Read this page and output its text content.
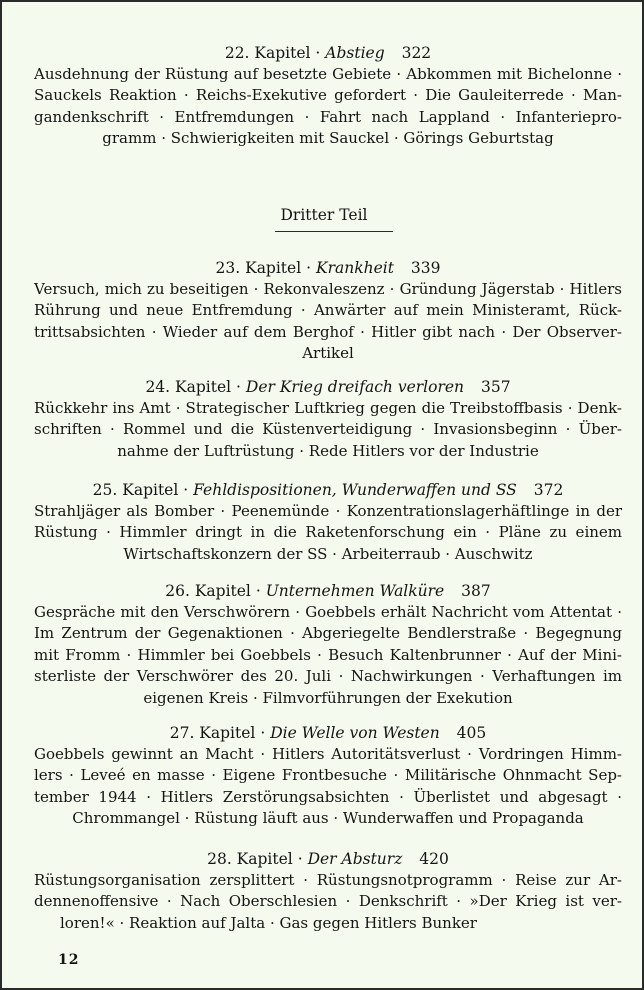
22. Kapitel · Abstieg 322
Ausdehnung der Rüstung auf besetzte Gebiete · Abkommen mit Bichelonne ·
Sauckels Reaktion · Reichs-Exekutive gefordert · Die Gauleiterrede · Man-
gandenkschrift · Entfremdungen · Fahrt nach Lappland · Infanteriepro-
gramm · Schwierigkeiten mit Sauckel · Görings Geburtstag
Dritter Teil
23. Kapitel · Krankheit 339
Versuch, mich zu beseitigen · Rekonvaleszenz · Gründung Jägerstab · Hitlers
Rührung und neue Entfremdung · Anwärter auf mein Ministeramt, Rück-
trittsabsichten · Wieder auf dem Berghof · Hitler gibt nach · Der Observer-
Artikel
24. Kapitel · Der Krieg dreifach verloren 357
Rückkehr ins Amt · Strategischer Luftkrieg gegen die Treibstoffbasis · Denk-
schriften · Rommel und die Küstenverteidigung · Invasionsbeginn · Über-
nahme der Luftrüstung · Rede Hitlers vor der Industrie
25. Kapitel · Fehldispositionen, Wunderwaffen und SS 372
Strahljäger als Bomber · Peenemünde · Konzentrationslagerhäftlinge in der
Rüstung · Himmler dringt in die Raketenforschung ein · Pläne zu einem
Wirtschaftskonzern der SS · Arbeiterraub · Auschwitz
26. Kapitel · Unternehmen Walküre 387
Gespräche mit den Verschwörern · Goebbels erhält Nachricht vom Attentat ·
Im Zentrum der Gegenaktionen · Abgeriegelte Bendlerstraße · Begegnung
mit Fromm · Himmler bei Goebbels · Besuch Kaltenbrunner · Auf der Mini-
sterliste der Verschwörer des 20. Juli · Nachwirkungen · Verhaftungen im
eigenen Kreis · Filmvorführungen der Exekution
27. Kapitel · Die Welle von Westen 405
Goebbels gewinnt an Macht · Hitlers Autoritätsverlust · Vordringen Himm-
lers · Leveé en masse · Eigene Frontbesuche · Militärische Ohnmacht Sep-
tember 1944 · Hitlers Zerstörungsabsichten · Überlistet und abgesagt ·
Chrommangel · Rüstung läuft aus · Wunderwaffen und Propaganda
28. Kapitel · Der Absturz 420
Rüstungsorganisation zersplittert · Rüstungsnotprogramm · Reise zur Ar-
dennenoffensive · Nach Oberschlesien · Denkschrift · »Der Krieg ist ver-
loren!« · Reaktion auf Jalta · Gas gegen Hitlers Bunker
12
